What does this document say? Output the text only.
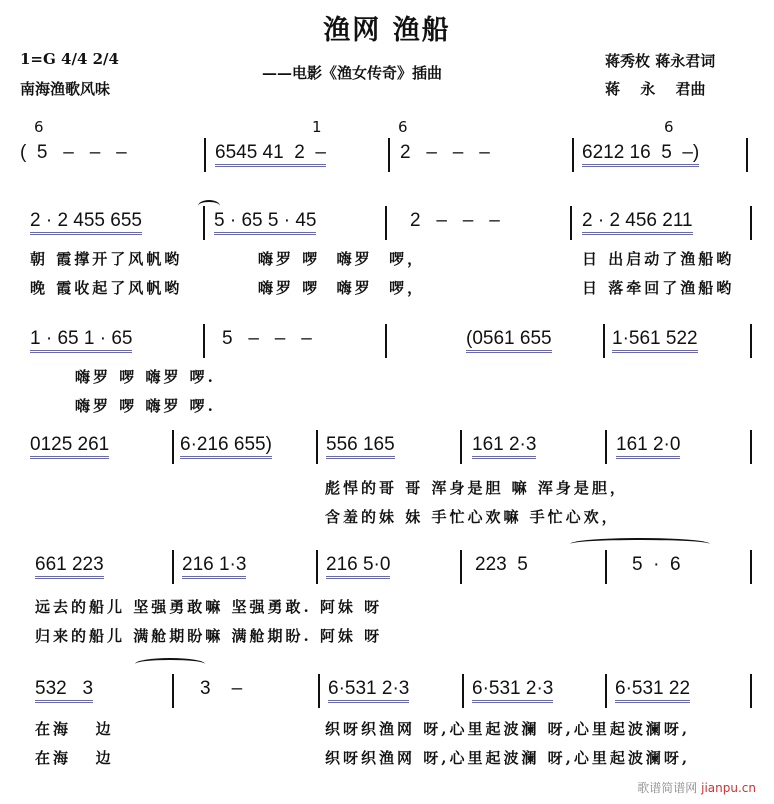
渔网 渔船
1=G 4/4 2/4
南海渔歌风味
——电影《渔女传奇》插曲
蒋秀枚 蒋永君词
蒋　 永　 君曲
(  5   –   –   –
6
6545 41  2  –
1
2   –   –   –
6
6212 16  5  –)
6
2 · 2 455 655	5 · 65 5 · 45	2   –   –   –	2 · 2 456 211
朝 霞撑开了风帆哟	嗨罗 啰  嗨罗  啰，	日 出启动了渔船哟
晚 霞收起了风帆哟	嗨罗 啰  嗨罗  啰，	日 落牵回了渔船哟
1 · 65 1 · 65	5   –   –   –	(0561 655	1·561 522
嗨罗 啰 嗨罗 啰.
嗨罗 啰 嗨罗 啰.
0125 261	6·216 655)	556 165	161 2·3	161 2·0
彪悍的哥 哥 浑身是胆 嘛 浑身是胆，
含羞的妹 妹 手忙心欢嘛 手忙心欢，
661 223	216 1·3	216 5·0	223  5	5  ·  6
远去的船儿 坚强勇敢嘛 坚强勇敢. 阿妹 呀
归来的船儿 满舱期盼嘛 满舱期盼. 阿妹 呀
532   3	3    –	6·531 2·3	6·531 2·3	6·531 22
在海   边	织呀织渔网 呀,心里起波澜 呀,心里起波澜呀,
在海   边	织呀织渔网 呀,心里起波澜 呀,心里起波澜呀,
歌谱简谱网 jianpu.cn
